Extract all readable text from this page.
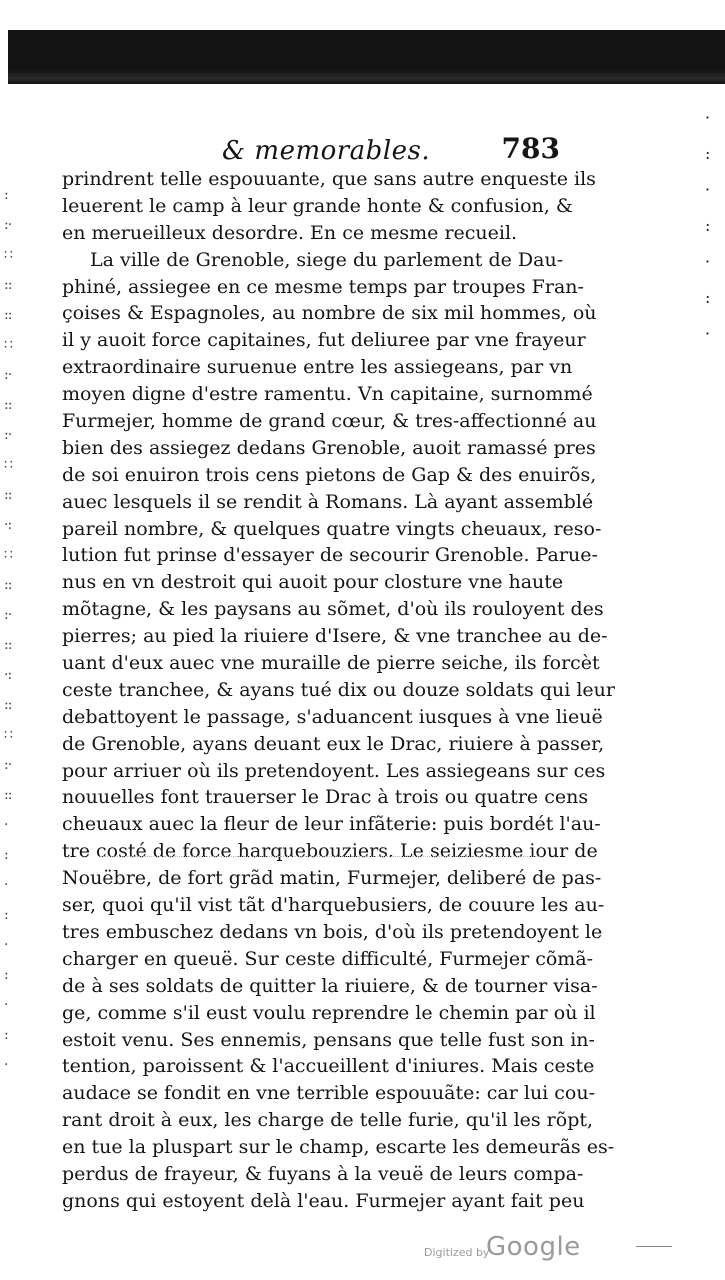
:
:·
∷
::
::
∷
:·
::
:·
∷
::
·:
∷
::
:·
::
·:
::
∷
:·
::
·
:
·
:
·
:
·
:
·
·
:
·
:
·
:
·
& memorables.	783
prindrent telle espouuante, que sans autre enqueste ils
leuerent le camp à leur grande honte & confusion, &
en merueilleux desordre. En ce mesme recueil.
La ville de Grenoble, siege du parlement de Dau-
phiné, assiegee en ce mesme temps par troupes Fran-
çoises & Espagnoles, au nombre de six mil hommes, où
il y auoit force capitaines, fut deliuree par vne frayeur
extraordinaire suruenue entre les assiegeans, par vn
moyen digne d'estre ramentu. Vn capitaine, surnommé
Furmejer, homme de grand cœur, & tres-affectionné au
bien des assiegez dedans Grenoble, auoit ramassé pres
de soi enuiron trois cens pietons de Gap & des enuirõs,
auec lesquels il se rendit à Romans. Là ayant assemblé
pareil nombre, & quelques quatre vingts cheuaux, reso-
lution fut prinse d'essayer de secourir Grenoble. Parue-
nus en vn destroit qui auoit pour closture vne haute
mõtagne, & les paysans au sõmet, d'où ils rouloyent des
pierres; au pied la riuiere d'Isere, & vne tranchee au de-
uant d'eux auec vne muraille de pierre seiche, ils forcèt
ceste tranchee, & ayans tué dix ou douze soldats qui leur
debattoyent le passage, s'aduancent iusques à vne lieuë
de Grenoble, ayans deuant eux le Drac, riuiere à passer,
pour arriuer où ils pretendoyent. Les assiegeans sur ces
nouuelles font trauerser le Drac à trois ou quatre cens
cheuaux auec la fleur de leur infãterie: puis bordét l'au-
tre costé de force harquebouziers. Le seiziesme iour de
Nouëbre, de fort grãd matin, Furmejer, deliberé de pas-
ser, quoi qu'il vist tãt d'harquebusiers, de couure les au-
tres embuschez dedans vn bois, d'où ils pretendoyent le
charger en queuë. Sur ceste difficulté, Furmejer cõmã-
de à ses soldats de quitter la riuiere, & de tourner visa-
ge, comme s'il eust voulu reprendre le chemin par où il
estoit venu. Ses ennemis, pensans que telle fust son in-
tention, paroissent & l'accueillent d'iniures. Mais ceste
audace se fondit en vne terrible espouuãte: car lui cou-
rant droit à eux, les charge de telle furie, qu'il les rõpt,
en tue la pluspart sur le champ, escarte les demeurãs es-
perdus de frayeur, & fuyans à la veuë de leurs compa-
gnons qui estoyent delà l'eau. Furmejer ayant fait peu
Digitized by
Google
